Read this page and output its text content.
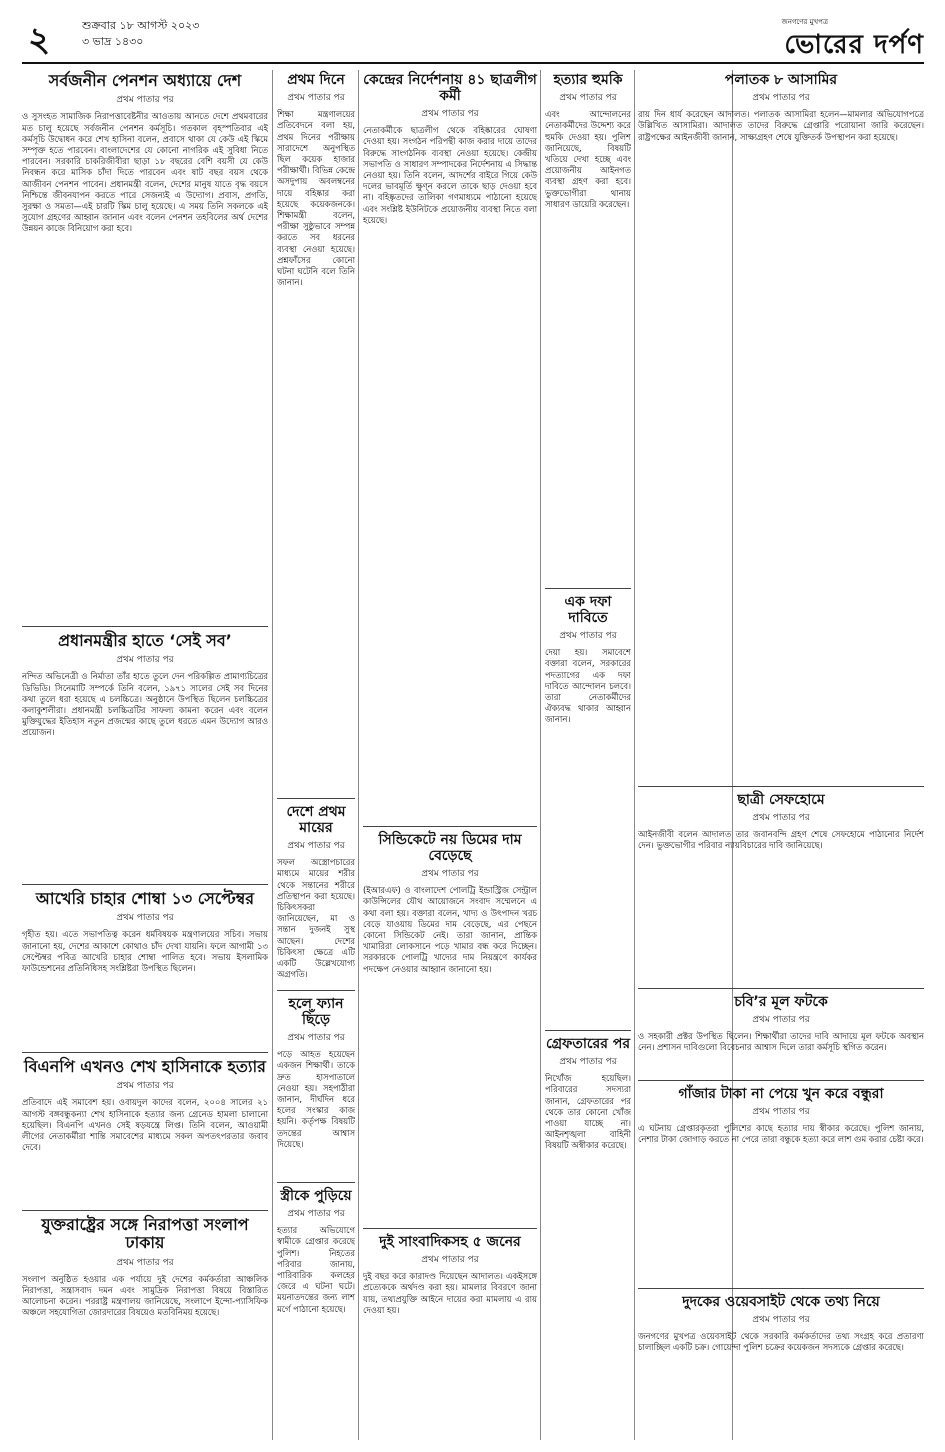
২	শুক্রবার ১৮ আগস্ট ২০২৩
৩ ভাদ্র ১৪৩০
জনগণের মুখপত্র
ভোরের দর্পণ
সর্বজনীন পেনশন অধ্যায়ে দেশ
প্রথম পাতার পর
ও সুসংহত সামাজিক নিরাপত্তাবেষ্টনীর আওতায় আনতে দেশে প্রথমবারের মত চালু হয়েছে সর্বজনীন পেনশন কর্মসূচি। গতকাল বৃহস্পতিবার এই কর্মসূচি উদ্বোধন করে শেখ হাসিনা বলেন, প্রবাসে থাকা যে কেউ এই স্কিমে সম্পৃক্ত হতে পারবেন। বাংলাদেশের যে কোনো নাগরিক এই সুবিধা নিতে পারবেন। সরকারি চাকরিজীবীরা ছাড়া ১৮ বছরের বেশি বয়সী যে কেউ নিবন্ধন করে মাসিক চাঁদা দিতে পারবেন এবং ষাট বছর বয়স থেকে আজীবন পেনশন পাবেন। প্রধানমন্ত্রী বলেন, দেশের মানুষ যাতে বৃদ্ধ বয়সে নিশ্চিন্তে জীবনযাপন করতে পারে সেজন্যই এ উদ্যোগ। প্রবাস, প্রগতি, সুরক্ষা ও সমতা—এই চারটি স্কিম চালু হয়েছে। এ সময় তিনি সকলকে এই সুযোগ গ্রহণের আহ্বান জানান এবং বলেন পেনশন তহবিলের অর্থ দেশের উন্নয়ন কাজে বিনিয়োগ করা হবে।
প্রধানমন্ত্রীর হাতে ‘সেই সব’
প্রথম পাতার পর
নন্দিত অভিনেত্রী ও নির্মাতা তাঁর হাতে তুলে দেন পরিকল্পিত প্রামাণ্যচিত্রের ডিভিডি। সিনেমাটি সম্পর্কে তিনি বলেন, ১৯৭১ সালের সেই সব দিনের কথা তুলে ধরা হয়েছে এ চলচ্চিত্রে। অনুষ্ঠানে উপস্থিত ছিলেন চলচ্চিত্রের কলাকুশলীরা। প্রধানমন্ত্রী চলচ্চিত্রটির সাফল্য কামনা করেন এবং বলেন মুক্তিযুদ্ধের ইতিহাস নতুন প্রজন্মের কাছে তুলে ধরতে এমন উদ্যোগ আরও প্রয়োজন।
আখেরি চাহার শোম্বা ১৩ সেপ্টেম্বর
প্রথম পাতার পর
গৃহীত হয়। এতে সভাপতিত্ব করেন ধর্মবিষয়ক মন্ত্রণালয়ের সচিব। সভায় জানানো হয়, দেশের আকাশে কোথাও চাঁদ দেখা যায়নি। ফলে আগামী ১৩ সেপ্টেম্বর পবিত্র আখেরি চাহার শোম্বা পালিত হবে। সভায় ইসলামিক ফাউন্ডেশনের প্রতিনিধিসহ সংশ্লিষ্টরা উপস্থিত ছিলেন।
বিএনপি এখনও শেখ হাসিনাকে হত্যার
প্রথম পাতার পর
প্রতিবাদে এই সমাবেশ হয়। ওবায়দুল কাদের বলেন, ২০০৪ সালের ২১ আগস্ট বঙ্গবন্ধুকন্যা শেখ হাসিনাকে হত্যার জন্য গ্রেনেড হামলা চালানো হয়েছিল। বিএনপি এখনও সেই ষড়যন্ত্রে লিপ্ত। তিনি বলেন, আওয়ামী লীগের নেতাকর্মীরা শান্তি সমাবেশের মাধ্যমে সকল অপতৎপরতার জবাব দেবে।
যুক্তরাষ্ট্রের সঙ্গে নিরাপত্তা সংলাপ ঢাকায়
প্রথম পাতার পর
সংলাপ অনুষ্ঠিত হওয়ার এক পর্যায়ে দুই দেশের কর্মকর্তারা আঞ্চলিক নিরাপত্তা, সন্ত্রাসবাদ দমন এবং সামুদ্রিক নিরাপত্তা বিষয়ে বিস্তারিত আলোচনা করেন। পররাষ্ট্র মন্ত্রণালয় জানিয়েছে, সংলাপে ইন্দো-প্যাসিফিক অঞ্চলে সহযোগিতা জোরদারের বিষয়েও মতবিনিময় হয়েছে।
প্রথম দিনে
প্রথম পাতার পর
শিক্ষা মন্ত্রণালয়ের প্রতিবেদনে বলা হয়, প্রথম দিনের পরীক্ষায় সারাদেশে অনুপস্থিত ছিল কয়েক হাজার পরীক্ষার্থী। বিভিন্ন কেন্দ্রে অসদুপায় অবলম্বনের দায়ে বহিষ্কার করা হয়েছে কয়েকজনকে। শিক্ষামন্ত্রী বলেন, পরীক্ষা সুষ্ঠুভাবে সম্পন্ন করতে সব ধরনের ব্যবস্থা নেওয়া হয়েছে। প্রশ্নফাঁসের কোনো ঘটনা ঘটেনি বলে তিনি জানান।
দেশে প্রথম মায়ের
প্রথম পাতার পর
সফল অস্ত্রোপচারের মাধ্যমে মায়ের শরীর থেকে সন্তানের শরীরে প্রতিস্থাপন করা হয়েছে। চিকিৎসকরা জানিয়েছেন, মা ও সন্তান দুজনই সুস্থ আছেন। দেশের চিকিৎসা ক্ষেত্রে এটি একটি উল্লেখযোগ্য অগ্রগতি।
হলে ফ্যান ছিঁড়ে
প্রথম পাতার পর
পড়ে আহত হয়েছেন একজন শিক্ষার্থী। তাকে দ্রুত হাসপাতালে নেওয়া হয়। সহপাঠীরা জানান, দীর্ঘদিন ধরে হলের সংস্কার কাজ হয়নি। কর্তৃপক্ষ বিষয়টি তদন্তের আশ্বাস দিয়েছে।
স্ত্রীকে পুড়িয়ে
প্রথম পাতার পর
হত্যার অভিযোগে স্বামীকে গ্রেপ্তার করেছে পুলিশ। নিহতের পরিবার জানায়, পারিবারিক কলহের জেরে এ ঘটনা ঘটে। ময়নাতদন্তের জন্য লাশ মর্গে পাঠানো হয়েছে।
কেন্দ্রের নির্দেশনায় ৪১ ছাত্রলীগ কর্মী
প্রথম পাতার পর
নেতাকর্মীকে ছাত্রলীগ থেকে বহিষ্কারের ঘোষণা দেওয়া হয়। সংগঠন পরিপন্থী কাজ করার দায়ে তাদের বিরুদ্ধে সাংগঠনিক ব্যবস্থা নেওয়া হয়েছে। কেন্দ্রীয় সভাপতি ও সাধারণ সম্পাদকের নির্দেশনায় এ সিদ্ধান্ত নেওয়া হয়। তিনি বলেন, আদর্শের বাইরে গিয়ে কেউ দলের ভাবমূর্তি ক্ষুণ্ন করলে তাকে ছাড় দেওয়া হবে না। বহিষ্কৃতদের তালিকা গণমাধ্যমে পাঠানো হয়েছে এবং সংশ্লিষ্ট ইউনিটকে প্রয়োজনীয় ব্যবস্থা নিতে বলা হয়েছে।
সিন্ডিকেটে নয় ডিমের দাম বেড়েছে
প্রথম পাতার পর
(ইআরএফ) ও বাংলাদেশ পোলট্রি ইন্ডাস্ট্রিজ সেন্ট্রাল কাউন্সিলের যৌথ আয়োজনে সংবাদ সম্মেলনে এ কথা বলা হয়। বক্তারা বলেন, খাদ্য ও উৎপাদন খরচ বেড়ে যাওয়ায় ডিমের দাম বেড়েছে, এর পেছনে কোনো সিন্ডিকেট নেই। তারা জানান, প্রান্তিক খামারিরা লোকসানে পড়ে খামার বন্ধ করে দিচ্ছেন। সরকারকে পোলট্রি খাদ্যের দাম নিয়ন্ত্রণে কার্যকর পদক্ষেপ নেওয়ার আহ্বান জানানো হয়।
দুই সাংবাদিকসহ ৫ জনের
প্রথম পাতার পর
দুই বছর করে কারাদণ্ড দিয়েছেন আদালত। একইসঙ্গে প্রত্যেককে অর্থদণ্ড করা হয়। মামলার বিবরণে জানা যায়, তথ্যপ্রযুক্তি আইনে দায়ের করা মামলায় এ রায় দেওয়া হয়।
হত্যার হুমকি
প্রথম পাতার পর
এবং আন্দোলনের নেতাকর্মীদের উদ্দেশ্য করে হুমকি দেওয়া হয়। পুলিশ জানিয়েছে, বিষয়টি খতিয়ে দেখা হচ্ছে এবং প্রয়োজনীয় আইনগত ব্যবস্থা গ্রহণ করা হবে। ভুক্তভোগীরা থানায় সাধারণ ডায়েরি করেছেন।
এক দফা দাবিতে
প্রথম পাতার পর
দেয়া হয়। সমাবেশে বক্তারা বলেন, সরকারের পদত্যাগের এক দফা দাবিতে আন্দোলন চলবে। তারা নেতাকর্মীদের ঐক্যবদ্ধ থাকার আহ্বান জানান।
গ্রেফতারের পর
প্রথম পাতার পর
নিখোঁজ হয়েছিল। পরিবারের সদস্যরা জানান, গ্রেফতারের পর থেকে তার কোনো খোঁজ পাওয়া যাচ্ছে না। আইনশৃঙ্খলা বাহিনী বিষয়টি অস্বীকার করেছে।
পলাতক ৮ আসামির
প্রথম পাতার পর
রায় দিন ধার্য করেছেন আদালত। পলাতক আসামিরা হলেন—মামলার অভিযোগপত্রে উল্লিখিত আসামিরা। আদালত তাদের বিরুদ্ধে গ্রেপ্তারি পরোয়ানা জারি করেছেন। রাষ্ট্রপক্ষের আইনজীবী জানান, সাক্ষ্যগ্রহণ শেষে যুক্তিতর্ক উপস্থাপন করা হয়েছে।
ছাত্রী সেফহোমে
প্রথম পাতার পর
আইনজীবী বলেন আদালত তার জবানবন্দি গ্রহণ শেষে সেফহোমে পাঠানোর নির্দেশ দেন। ভুক্তভোগীর পরিবার ন্যায়বিচারের দাবি জানিয়েছে।
চবি’র মূল ফটকে
প্রথম পাতার পর
ও সহকারী প্রক্টর উপস্থিত ছিলেন। শিক্ষার্থীরা তাদের দাবি আদায়ে মূল ফটকে অবস্থান নেন। প্রশাসন দাবিগুলো বিবেচনার আশ্বাস দিলে তারা কর্মসূচি স্থগিত করেন।
গাঁজার টাকা না পেয়ে খুন করে বন্ধুরা
প্রথম পাতার পর
এ ঘটনায় গ্রেপ্তারকৃতরা পুলিশের কাছে হত্যার দায় স্বীকার করেছে। পুলিশ জানায়, নেশার টাকা জোগাড় করতে না পেরে তারা বন্ধুকে হত্যা করে লাশ গুম করার চেষ্টা করে।
দুদকের ওয়েবসাইট থেকে তথ্য নিয়ে
প্রথম পাতার পর
জনগণের মুখপত্র ওয়েবসাইট থেকে সরকারি কর্মকর্তাদের তথ্য সংগ্রহ করে প্রতারণা চালাচ্ছিল একটি চক্র। গোয়েন্দা পুলিশ চক্রের কয়েকজন সদস্যকে গ্রেপ্তার করেছে।
